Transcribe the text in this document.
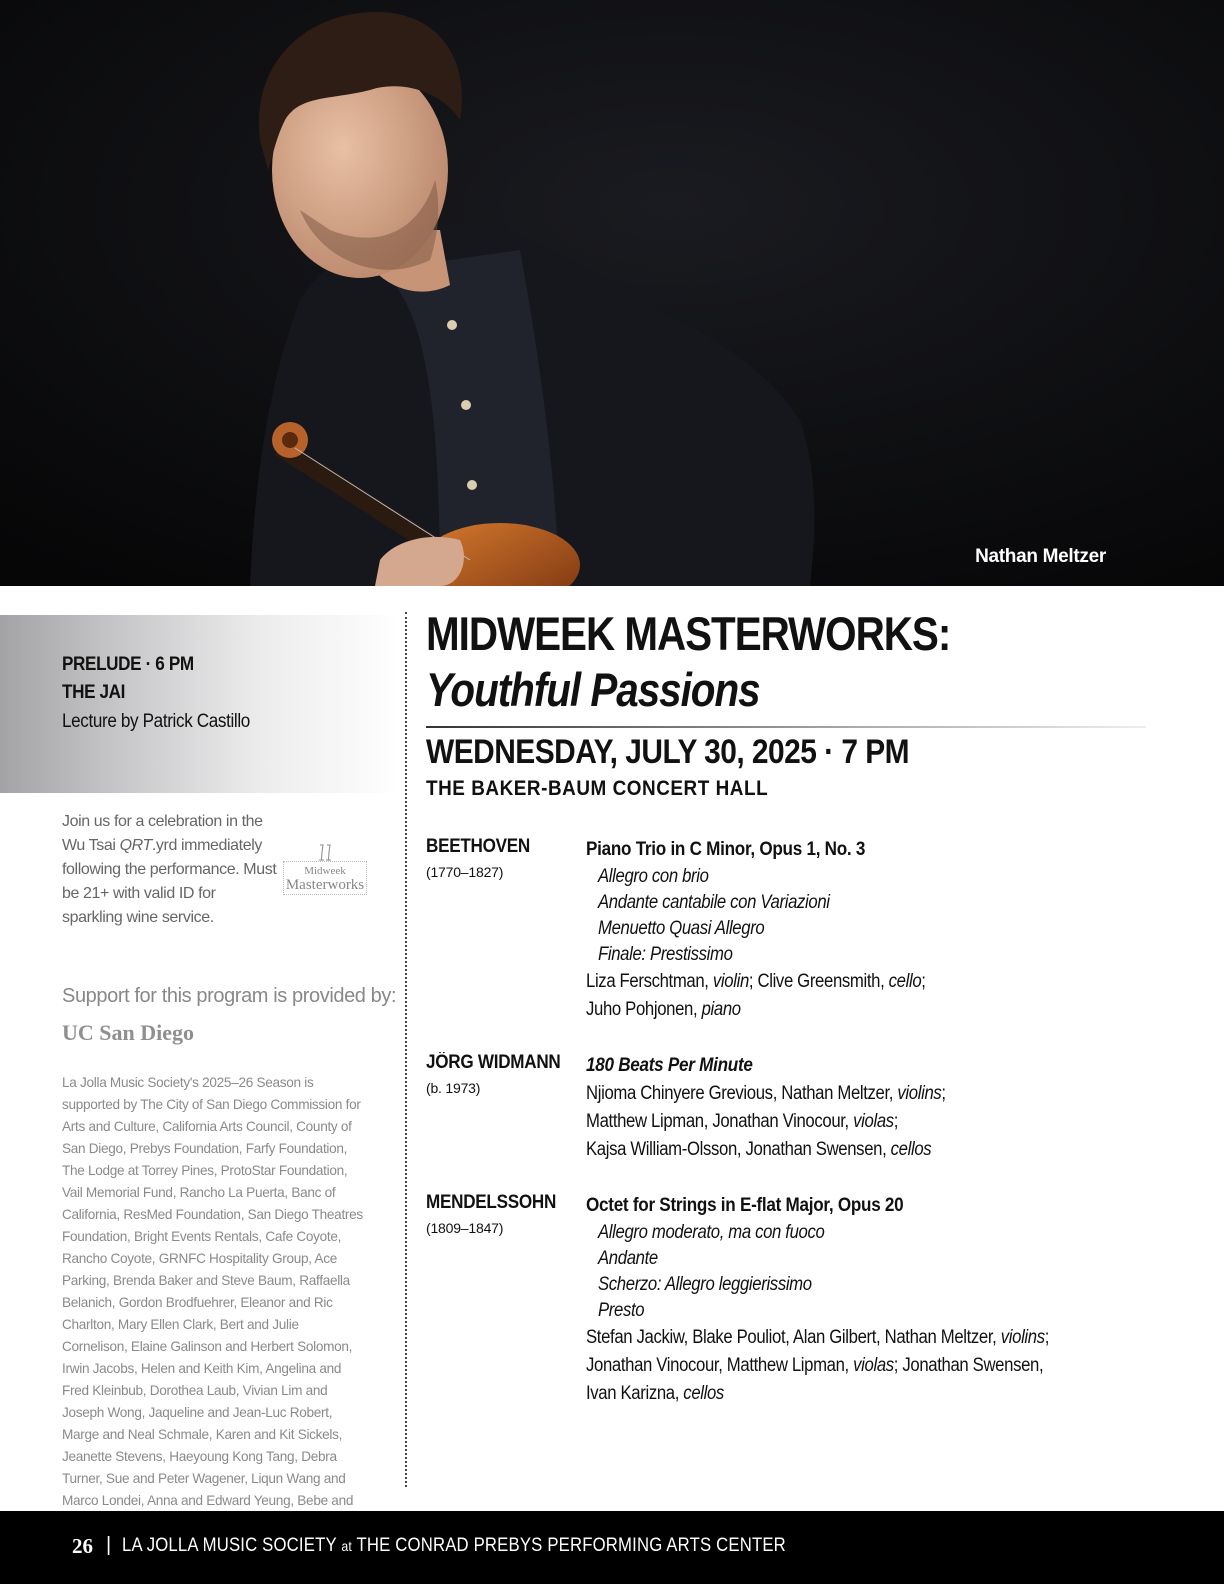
Nathan Meltzer
PRELUDE · 6 PM
THE JAI
Lecture by Patrick Castillo
Join us for a celebration in the Wu Tsai QRT.yrd immediately following the performance. Must be 21+ with valid ID for sparkling wine service.
Midweek
Masterworks
Support for this program is provided by:
UC San Diego
La Jolla Music Society's 2025–26 Season is supported by The City of San Diego Commission for Arts and Culture, California Arts Council, County of San Diego, Prebys Foundation, Farfy Foundation, The Lodge at Torrey Pines, ProtoStar Foundation, Vail Memorial Fund, Rancho La Puerta, Banc of California, ResMed Foundation, San Diego Theatres Foundation, Bright Events Rentals, Cafe Coyote, Rancho Coyote, GRNFC Hospitality Group, Ace Parking, Brenda Baker and Steve Baum, Raffaella Belanich, Gordon Brodfuehrer, Eleanor and Ric Charlton, Mary Ellen Clark, Bert and Julie Cornelison, Elaine Galinson and Herbert Solomon, Irwin Jacobs, Helen and Keith Kim, Angelina and Fred Kleinbub, Dorothea Laub, Vivian Lim and Joseph Wong, Jaqueline and Jean-Luc Robert, Marge and Neal Schmale, Karen and Kit Sickels, Jeanette Stevens, Haeyoung Kong Tang, Debra Turner, Sue and Peter Wagener, Liqun Wang and Marco Londei, Anna and Edward Yeung, Bebe and
MIDWEEK MASTERWORKS:
Youthful Passions
WEDNESDAY, JULY 30, 2025 · 7 PM
THE BAKER-BAUM CONCERT HALL
BEETHOVEN
(1770–1827)
Piano Trio in C Minor, Opus 1, No. 3
Allegro con brio
Andante cantabile con Variazioni
Menuetto Quasi Allegro
Finale: Prestissimo
Liza Ferschtman, violin; Clive Greensmith, cello;
Juho Pohjonen, piano
JÖRG WIDMANN
(b. 1973)
180 Beats Per Minute
Njioma Chinyere Grevious, Nathan Meltzer, violins;
Matthew Lipman, Jonathan Vinocour, violas;
Kajsa William-Olsson, Jonathan Swensen, cellos
MENDELSSOHN
(1809–1847)
Octet for Strings in E-flat Major, Opus 20
Allegro moderato, ma con fuoco
Andante
Scherzo: Allegro leggierissimo
Presto
Stefan Jackiw, Blake Pouliot, Alan Gilbert, Nathan Meltzer, violins;
Jonathan Vinocour, Matthew Lipman, violas; Jonathan Swensen,
Ivan Karizna, cellos
26 | LA JOLLA MUSIC SOCIETY at THE CONRAD PREBYS PERFORMING ARTS CENTER
